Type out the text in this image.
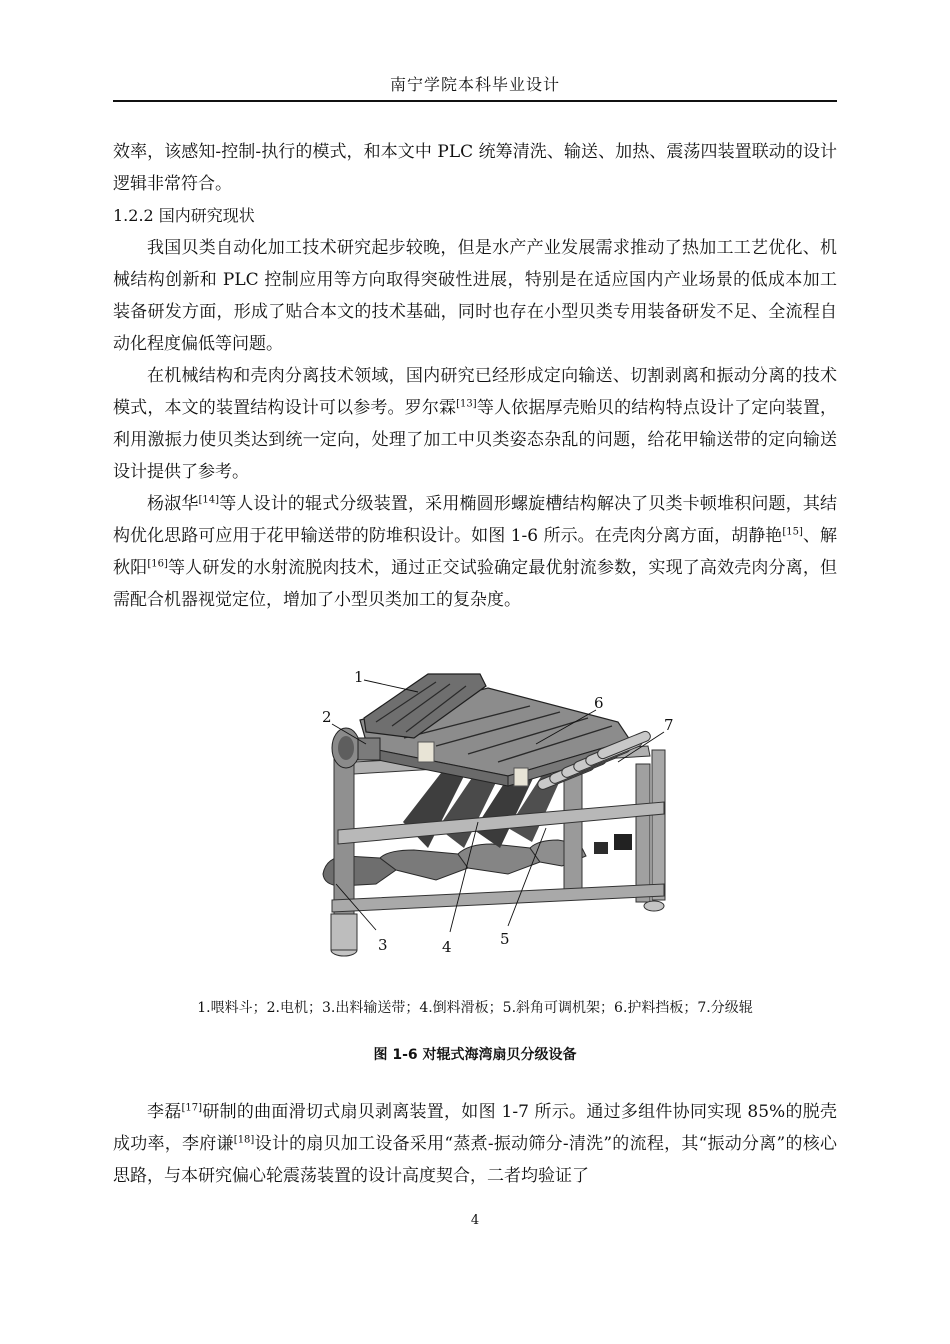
南宁学院本科毕业设计

效率，该感知-控制-执行的模式，和本文中 PLC 统筹清洗、输送、加热、震荡四装置联动的设计逻辑非常符合。

1.2.2 国内研究现状

我国贝类自动化加工技术研究起步较晚，但是水产产业发展需求推动了热加工工艺优化、机械结构创新和 PLC 控制应用等方向取得突破性进展，特别是在适应国内产业场景的低成本加工装备研发方面，形成了贴合本文的技术基础，同时也存在小型贝类专用装备研发不足、全流程自动化程度偏低等问题。

在机械结构和壳肉分离技术领域，国内研究已经形成定向输送、切割剥离和振动分离的技术模式，本文的装置结构设计可以参考。罗尔霖[13]等人依据厚壳贻贝的结构特点设计了定向装置，利用激振力使贝类达到统一定向，处理了加工中贝类姿态杂乱的问题，给花甲输送带的定向输送设计提供了参考。

杨淑华[14]等人设计的辊式分级装置，采用椭圆形螺旋槽结构解决了贝类卡顿堆积问题，其结构优化思路可应用于花甲输送带的防堆积设计。如图 1-6 所示。在壳肉分离方面，胡静艳[15]、解秋阳[16]等人研发的水射流脱肉技术，通过正交试验确定最优射流参数，实现了高效壳肉分离，但需配合机器视觉定位，增加了小型贝类加工的复杂度。

1
2
3	4	5
6
7
1.喂料斗；2.电机；3.出料输送带；4.倒料滑板；5.斜角可调机架；6.护料挡板；7.分级辊
图 1-6 对辊式海湾扇贝分级设备

李磊[17]研制的曲面滑切式扇贝剥离装置，如图 1-7 所示。通过多组件协同实现 85%的脱壳成功率，李府谦[18]设计的扇贝加工设备采用“蒸煮-振动筛分-清洗”的流程，其“振动分离”的核心思路，与本研究偏心轮震荡装置的设计高度契合，二者均验证了

4
